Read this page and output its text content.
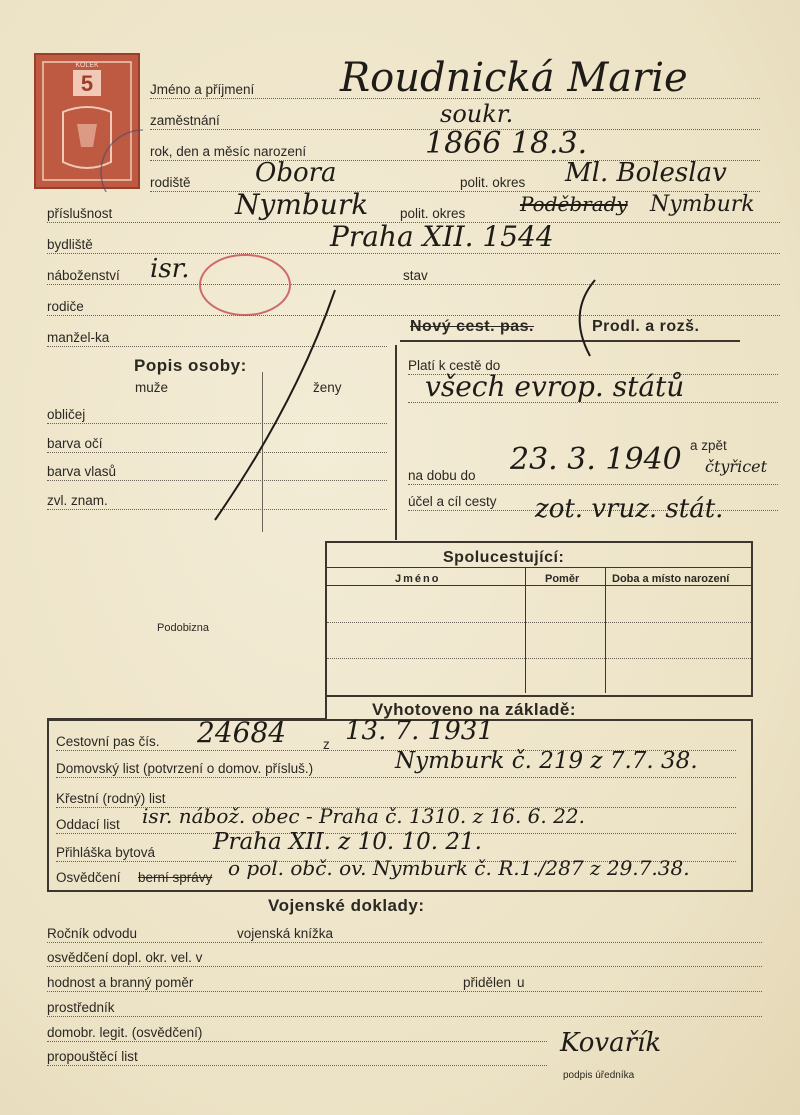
5
KOLEK
Jméno a příjmení Roudnická Marie
zaměstnání	soukr.
rok, den a měsíc narození	1866 18.3.
rodiště Obora	polit. okres Ml. Boleslav
příslušnost	Nymburk polit. okres	Poděbrady Nymburk
bydliště	Praha XII. 1544
náboženství isr.	stav
rodiče
manžel-ka
Nový cest. pas.	Prodl. a rozš.
Popis osoby:
muže	ženy
obličej
barva očí
barva vlasů
zvl. znam.
Platí k cestě do
všech evrop. států
a zpět
čtyřicet
na dobu do 23. 3. 1940
účel a cíl cesty zot. vruz. stát.
Podobizna
Spolucestující:
Jméno	Poměr	Doba a místo narození
Vyhotoveno na základě:
Cestovní pas čís. 24684	z 13. 7. 1931
Domovský list (potvrzení o domov. přísluš.)	Nymburk č. 219 z 7.7. 38.
Křestní (rodný) list
Oddací list isr. nábož. obec - Praha č. 1310. z 16. 6. 22.
Přihláška bytová	Praha XII. z 10. 10. 21.
Osvědčení berní správy o pol. obč. ov. Nymburk č. R.1./287 z 29.7.38.
Vojenské doklady:
Ročník odvodu	vojenská knížka
osvědčení dopl. okr. vel. v
hodnost a branný poměr	přidělen u
prostředník
domobr. legit. (osvědčení)
propouštěcí list	Kovařík
podpis úředníka
